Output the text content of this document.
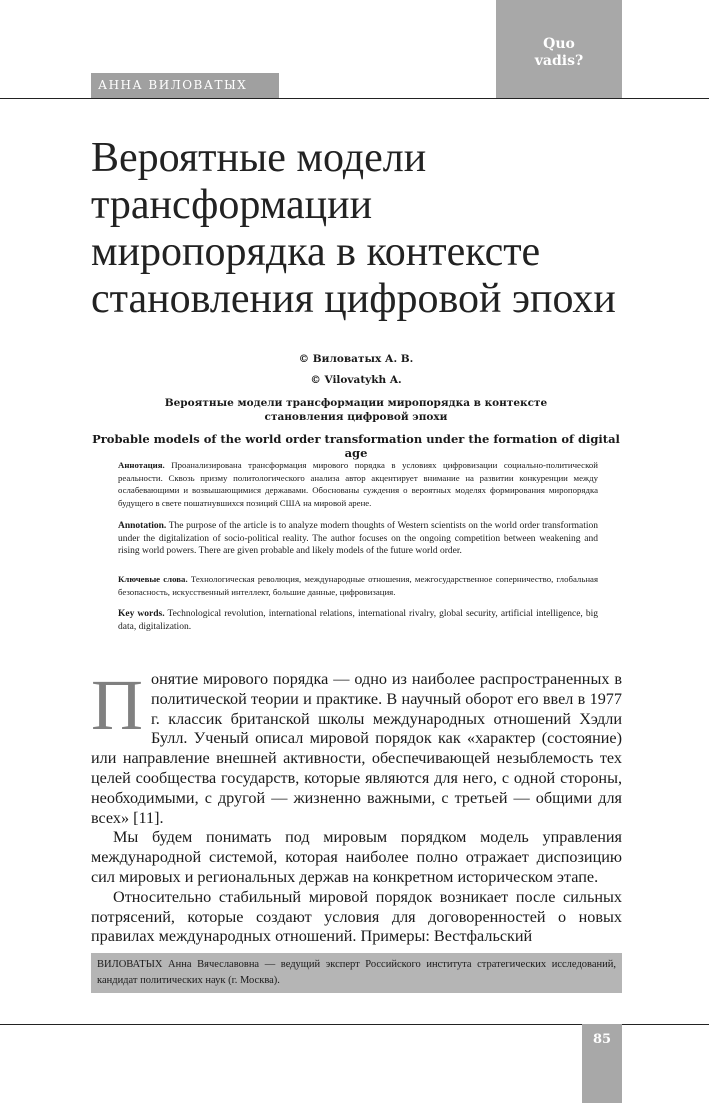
Quo
vadis?
АННА ВИЛОВАТЫХ
Вероятные модели
трансформации
миропорядка в контексте
становления цифровой эпохи
© Виловатых А. В.
© Vilovatykh A.
Вероятные модели трансформации миропорядка в контексте
становления цифровой эпохи
Probable models of the world order transformation under the formation of digital age

Аннотация. Проанализирована трансформация мирового порядка в условиях цифровизации социально-политической реальности. Сквозь призму политологического анализа автор акцентирует внимание на развитии конкуренции между ослабевающими и возвышающимися державами. Обоснованы суждения о вероятных моделях формирования миропорядка будущего в свете пошатнувшихся позиций США на мировой арене.

Annotation. The purpose of the article is to analyze modern thoughts of Western scientists on the world order transformation under the digitalization of socio-political reality. The author focuses on the ongoing competition between weakening and rising world powers. There are given probable and likely models of the future world order.

Ключевые слова. Технологическая революция, международные отношения, межгосударственное соперничество, глобальная безопасность, искусственный интеллект, большие данные, цифровизация.

Key words. Technological revolution, international relations, international rivalry, global security, artificial intelligence, big data, digitalization.

П онятие мирового порядка — одно из наиболее распространенных в политической теории и практике. В научный оборот его ввел в 1977 г. классик британской школы международных отношений Хэдли Булл. Ученый описал мировой порядок как «характер (состояние) или направление внешней активности, обеспечивающей незыблемость тех целей сообщества государств, которые являются для него, с одной стороны, необходимыми, с другой — жизненно важными, с третьей — общими для всех» [11].

Мы будем понимать под мировым порядком модель управления международной системой, которая наиболее полно отражает диспозицию сил мировых и региональных держав на конкретном историческом этапе.

Относительно стабильный мировой порядок возникает после сильных потрясений, которые создают условия для договоренностей о новых правилах международных отношений. Примеры: Вестфальский

ВИЛОВАТЫХ Анна Вячеславовна — ведущий эксперт Российского института стратегических исследований, кандидат политических наук (г. Москва).
85
